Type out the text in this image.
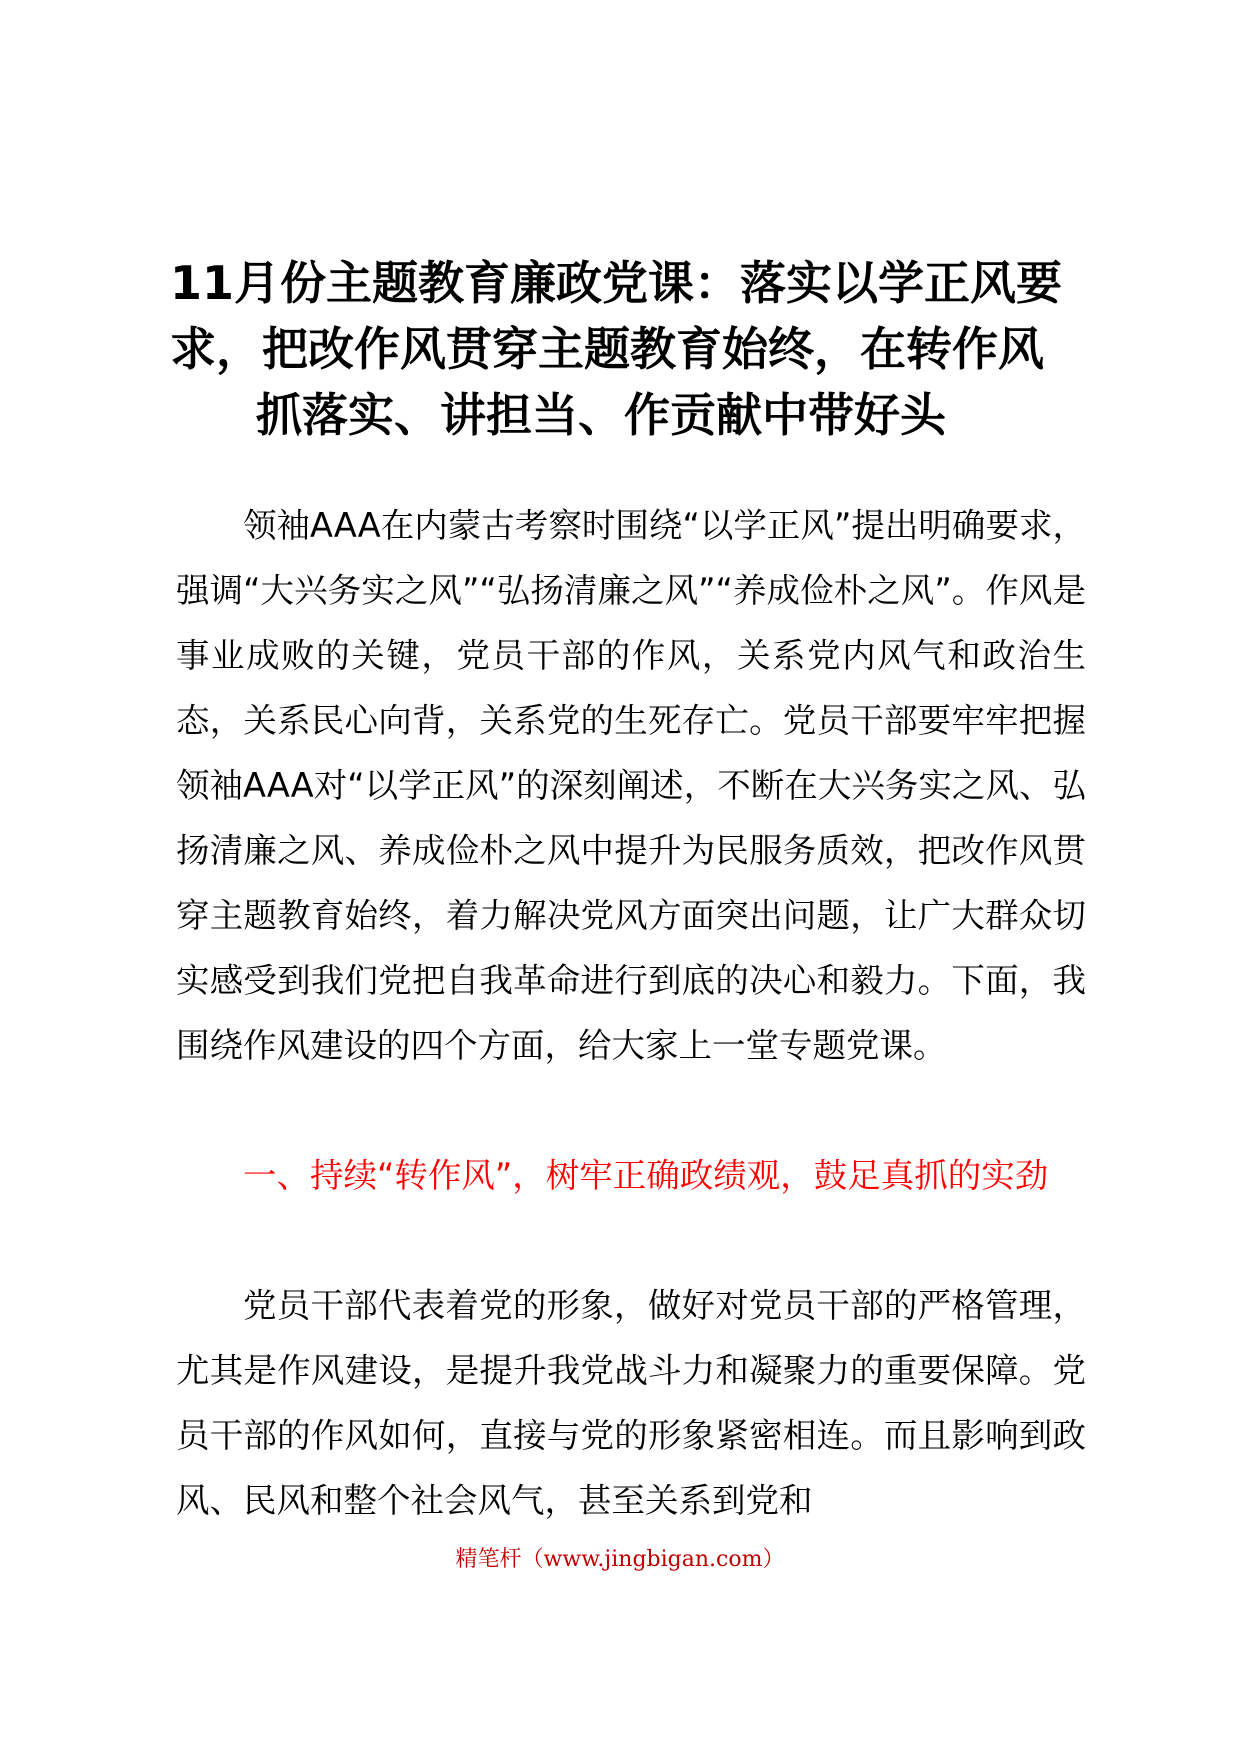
11月份主题教育廉政党课：落实以学正风要
求，把改作风贯穿主题教育始终，在转作风
抓落实、讲担当、作贡献中带好头
领袖AAA在内蒙古考察时围绕“以学正风”提出明确要求，强调“大兴务实之风”“弘扬清廉之风”“养成俭朴之风”。作风是事业成败的关键，党员干部的作风，关系党内风气和政治生态，关系民心向背，关系党的生死存亡。党员干部要牢牢把握领袖AAA对“以学正风”的深刻阐述，不断在大兴务实之风、弘扬清廉之风、养成俭朴之风中提升为民服务质效，把改作风贯穿主题教育始终，着力解决党风方面突出问题，让广大群众切实感受到我们党把自我革命进行到底的决心和毅力。下面，我围绕作风建设的四个方面，给大家上一堂专题党课。
一、持续“转作风”，树牢正确政绩观，鼓足真抓的实劲
党员干部代表着党的形象，做好对党员干部的严格管理，尤其是作风建设，是提升我党战斗力和凝聚力的重要保障。党员干部的作风如何，直接与党的形象紧密相连。而且影响到政风、民风和整个社会风气，甚至关系到党和
精笔杆（www.jingbigan.com）
